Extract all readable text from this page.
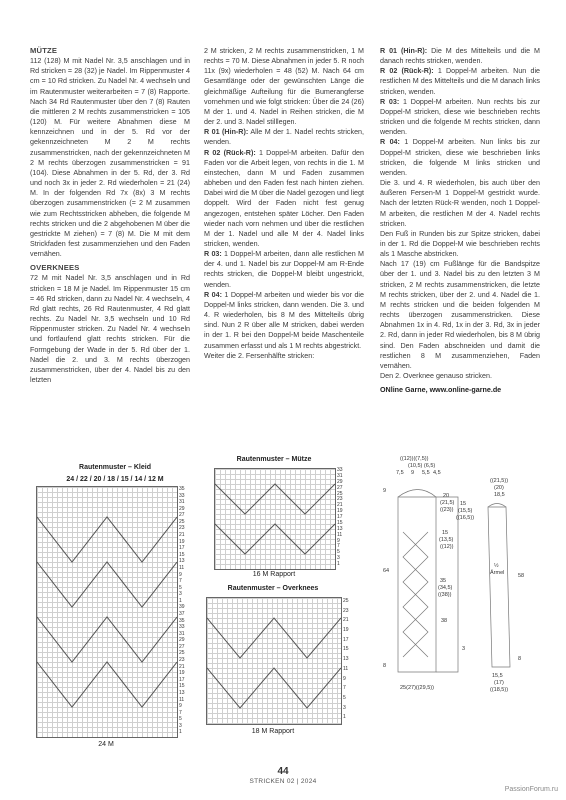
MÜTZE

112 (128) M mit Nadel Nr. 3,5 anschlagen und in Rd stricken = 28 (32) je Nadel. Im Rippenmuster 4 cm = 10 Rd stricken. Zu Nadel Nr. 4 wechseln und im Rautenmuster weiterarbeiten = 7 (8) Rapporte. Nach 34 Rd Rautenmuster über den 7 (8) Rauten die mittleren 2 M rechts zusammenstricken = 105 (120) M. Für weitere Abnahmen diese M kennzeichnen und in der 5. Rd vor der gekennzeichneten M 2 M rechts zusammenstricken, nach der gekennzeichneten M 2 M rechts überzogen zusammenstricken = 91 (104). Diese Abnahmen in der 5. Rd, der 3. Rd und noch 3x in jeder 2. Rd wiederholen = 21 (24) M. In der folgenden Rd 7x (8x) 3 M rechts überzogen zusammenstricken (= 2 M zusammen wie zum Rechtsstricken abheben, die folgende M rechts stricken und die 2 abgehobenen M über die gestrickte M ziehen) = 7 (8) M. Die M mit dem Strickfaden fest zusammenziehen und den Faden vernähen.

OVERKNEES

72 M mit Nadel Nr. 3,5 anschlagen und in Rd stricken = 18 M je Nadel. Im Rippenmuster 15 cm = 46 Rd stricken, dann zu Nadel Nr. 4 wechseln, 4 Rd glatt rechts, 26 Rd Rautenmuster, 4 Rd glatt rechts. Zu Nadel Nr. 3,5 wechseln und 10 Rd Rippenmuster stricken. Zu Nadel Nr. 4 wechseln und fortlaufend glatt rechts stricken. Für die Formgebung der Wade in der 5. Rd über der 1. Nadel die 2. und 3. M rechts überzogen zusammenstricken, über der 4. Nadel bis zu den letzten

2 M stricken, 2 M rechts zusammenstricken, 1 M rechts = 70 M. Diese Abnahmen in jeder 5. R noch 11x (9x) wiederholen = 48 (52) M. Nach 64 cm Gesamtlänge oder der gewünschten Länge die gleichmäßige Aufteilung für die Bumerangferse vornehmen und wie folgt stricken: Über die 24 (26) M der 1. und 4. Nadel in Reihen stricken, die M der 2. und 3. Nadel stilllegen.

R 01 (Hin-R): Alle M der 1. Nadel rechts stricken, wenden.

R 02 (Rück-R): 1 Doppel-M arbeiten. Dafür den Faden vor die Arbeit legen, von rechts in die 1. M einstechen, dann M und Faden zusammen abheben und den Faden fest nach hinten ziehen. Dabei wird die M über die Nadel gezogen und liegt doppelt. Wird der Faden nicht fest genug angezogen, entstehen später Löcher. Den Faden wieder nach vorn nehmen und über die restlichen M der 1. Nadel und alle M der 4. Nadel links stricken, wenden.

R 03: 1 Doppel-M arbeiten, dann alle restlichen M der 4. und 1. Nadel bis zur Doppel-M am R-Ende rechts stricken, die Doppel-M bleibt ungestrickt, wenden.

R 04: 1 Doppel-M arbeiten und wieder bis vor die Doppel-M links stricken, dann wenden. Die 3. und 4. R wiederholen, bis 8 M des Mittelteils übrig sind. Nun 2 R über alle M stricken, dabei werden in der 1. R bei den Doppel-M beide Maschenteile zusammen erfasst und als 1 M rechts abgestrickt.

Weiter die 2. Fersenhälfte stricken:

R 01 (Hin-R): Die M des Mittelteils und die M danach rechts stricken, wenden.

R 02 (Rück-R): 1 Doppel-M arbeiten. Nun die restlichen M des Mittelteils und die M danach links stricken, wenden.

R 03: 1 Doppel-M arbeiten. Nun rechts bis zur Doppel-M stricken, diese wie beschrieben rechts stricken und die folgende M rechts stricken, dann wenden.

R 04: 1 Doppel-M arbeiten. Nun links bis zur Doppel-M stricken, diese wie beschrieben links stricken, die folgende M links stricken und wenden.

Die 3. und 4. R wiederholen, bis auch über den äußeren Fersen-M 1 Doppel-M gestrickt wurde. Nach der letzten Rück-R wenden, noch 1 Doppel-M arbeiten, die restlichen M der 4. Nadel rechts stricken.

Den Fuß in Runden bis zur Spitze stricken, dabei in der 1. Rd die Doppel-M wie beschrieben rechts als 1 Masche abstricken.

Nach 17 (19) cm Fußlänge für die Bandspitze über der 1. und 3. Nadel bis zu den letzten 3 M stricken, 2 M rechts zusammenstricken, die letzte M rechts stricken, über der 2. und 4. Nadel die 1. M rechts stricken und die beiden folgenden M rechts überzogen zusammenstricken. Diese Abnahmen 1x in 4. Rd, 1x in der 3. Rd, 3x in jeder 2. Rd, dann in jeder Rd wiederholen, bis 8 M übrig sind. Den Faden abschneiden und damit die restlichen 8 M zusammenziehen, Faden vernähen.

Den 2. Overknee genauso stricken.

ONline Garne, www.online-garne.de

Rautenmuster – Kleid
24 / 22 / 20 / 18 / 15 / 14 / 12 M
35
33
31
29
27
25
23
21
19
17
15
13
11
9
7
5
3
1
39
37
35
33
31
29
27
25
23
21
19
17
15
13
11
9
7
5
3
1
24 M
Rautenmuster – Mütze
33
31
29
27
25
23
21
19
17
15
13
11
9
7
5
3
1
16 M Rapport
Rautenmuster – Overknees
25
23
21
19
17
15
13
11
9
7
5
3
1
18 M Rapport
((12))((7,5))
(10,5) (6,5)
7,5 9 5,5 4,5
9
64
8
20
(21,5)
((23))
15
(15,5)
((16,5))
15
(13,5)
((12))
35
(34,5)
((38))
38
3
25(27)((29,5))
((21,5))
(20)
18,5
½
Ärmel 58
8
15,5
(17)
((18,5))
44
STRICKEN 02 | 2024
PassionForum.ru
